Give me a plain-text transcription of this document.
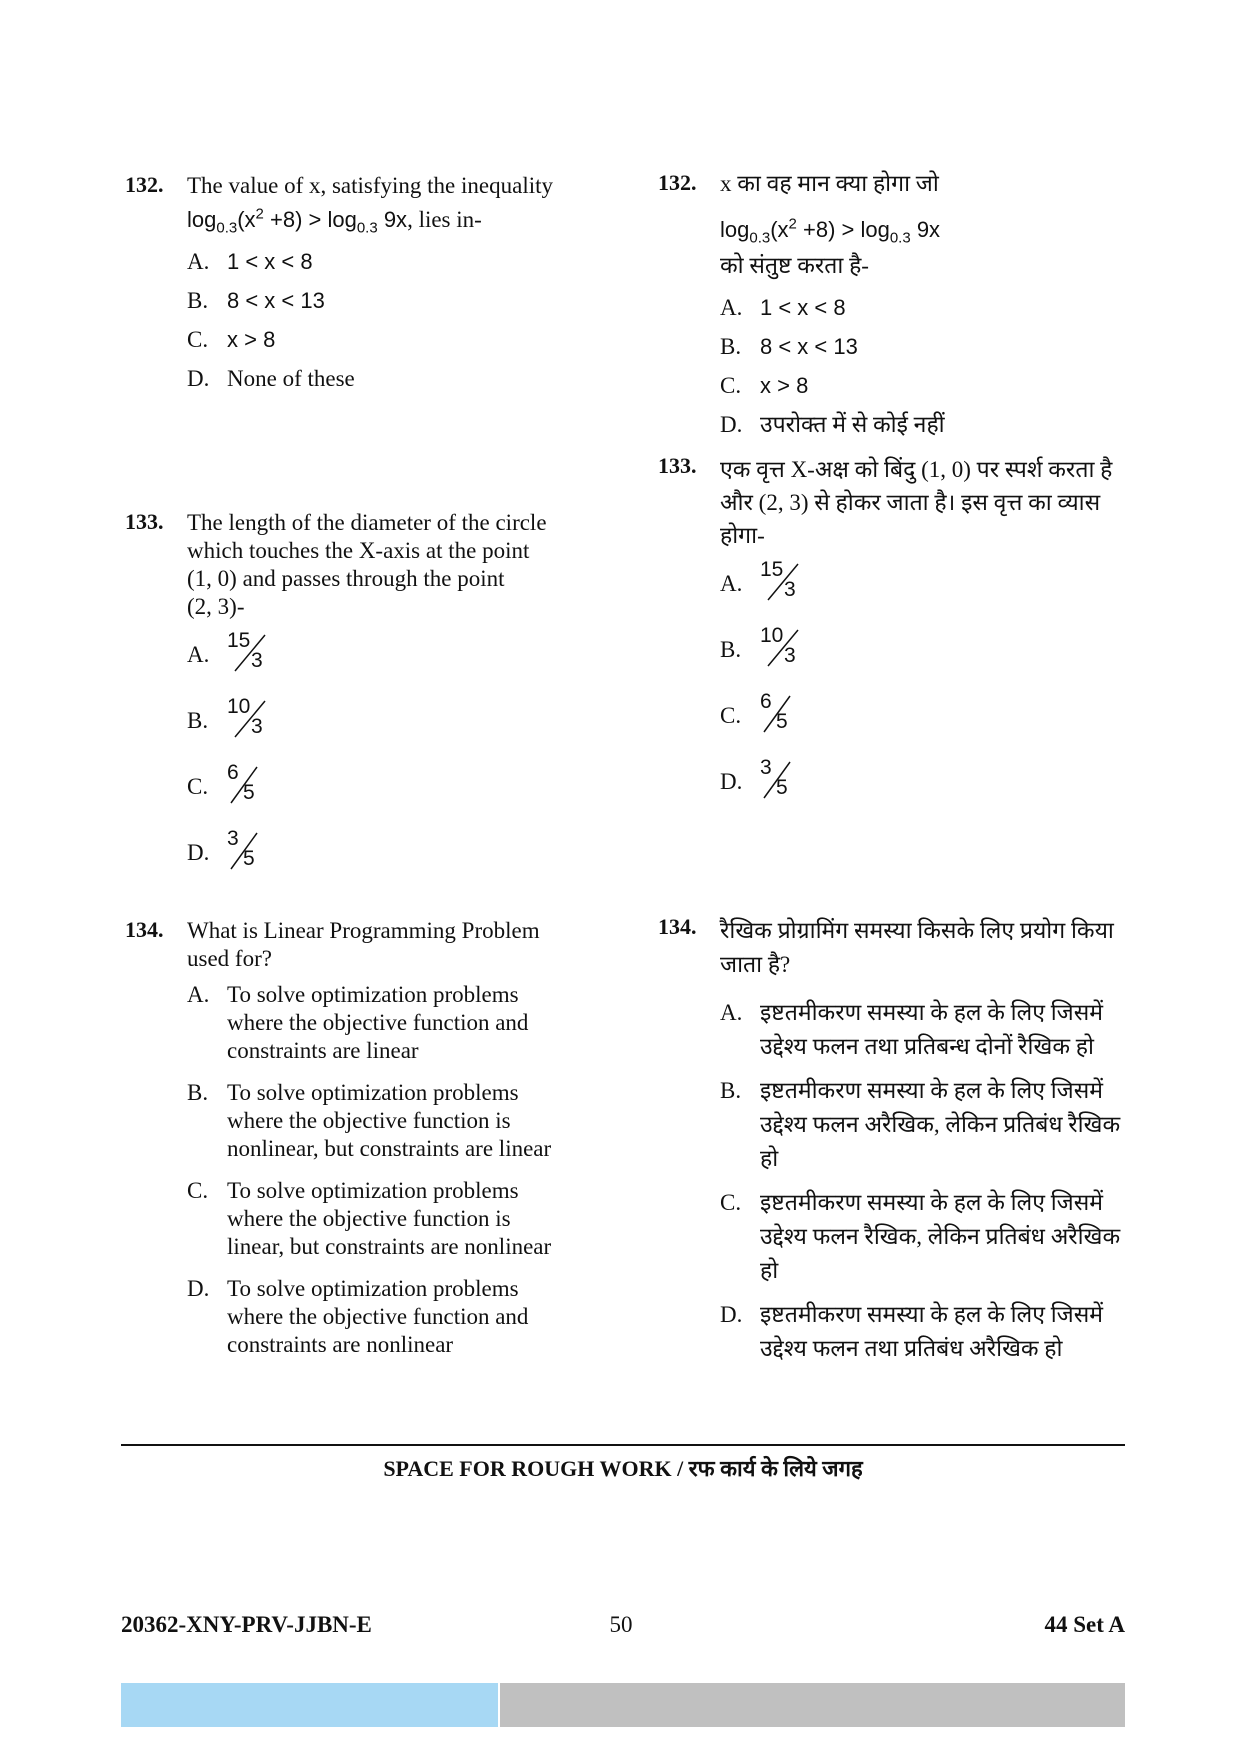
132. The value of x, satisfying the inequality
$\log_{0.3}(x^2 +8) > \log_{0.3} 9x$, lies in-
A. 1 < x < 8
B. 8 < x < 13
C. x > 8
D. None of these
133. The length of the diameter of the circle
which touches the X-axis at the point
(1, 0) and passes through the point
(2, 3)-
A.
15
3
B.
10
3
C.
6
5
D.
3
5
134. What is Linear Programming Problem
used for?
A. To solve optimization problems
where the objective function and
constraints are linear
B. To solve optimization problems
where the objective function is
nonlinear, but constraints are linear
C. To solve optimization problems
where the objective function is
linear, but constraints are nonlinear
D. To solve optimization problems
where the objective function and
constraints are nonlinear
132. x का वह मान क्या होगा जो
$\log_{0.3}(x^2 +8) > \log_{0.3} 9x$
को संतुष्ट करता है-
A. 1 < x < 8
B. 8 < x < 13
C. x > 8
D. उपरोक्त में से कोई नहीं
133. एक वृत्त X-अक्ष को बिंदु (1, 0) पर स्पर्श करता है
और (2, 3) से होकर जाता है। इस वृत्त का व्यास
होगा-
A.
15
3
B.
10
3
C.
6
5
D.
3
5
134. रैखिक प्रोग्रामिंग समस्या किसके लिए प्रयोग किया
जाता है?
A. इष्टतमीकरण समस्या के हल के लिए जिसमें
उद्देश्य फलन तथा प्रतिबन्ध दोनों रैखिक हो
B. इष्टतमीकरण समस्या के हल के लिए जिसमें
उद्देश्य फलन अरैखिक, लेकिन प्रतिबंध रैखिक
हो
C. इष्टतमीकरण समस्या के हल के लिए जिसमें
उद्देश्य फलन रैखिक, लेकिन प्रतिबंध अरैखिक
हो
D. इष्टतमीकरण समस्या के हल के लिए जिसमें
उद्देश्य फलन तथा प्रतिबंध अरैखिक हो
SPACE FOR ROUGH WORK / रफ कार्य के लिये जगह
20362-XNY-PRV-JJBN-E	50	44 Set A
